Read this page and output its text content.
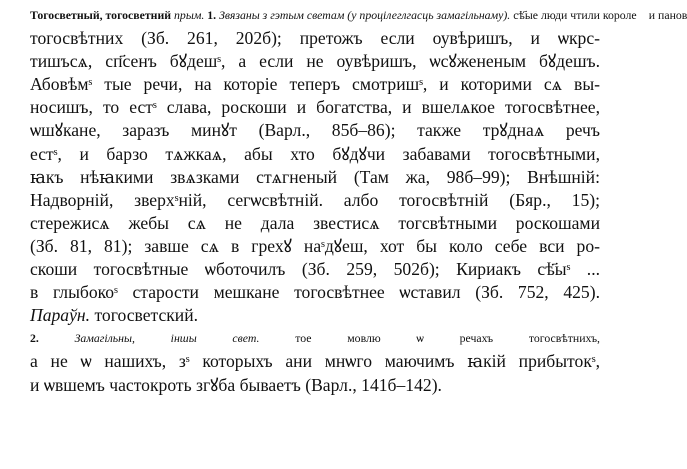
Тогосветный, тогосветний прым. 1. Звязаны з гэтым светам (у процілеглгасць замагільнаму). сѣ҃ые люди чтили королеⷡ и панов
тогосвѣтних (Зб. 261, 202б); претожъ если оувѣришъ, и ѡкрс-
тишъсѧ, сп҃сенъ бꙋдешˢ, а если не оувѣришъ, ѡсꙋжененым бꙋдешъ.
Абовѣмˢ тые речи, на которіе теперъ смотришˢ, и которими сѧ вы-
носишъ, то естˢ слава, роскоши и богатства, и вшелѧкое тогосвѣтнее,
ѡшꙋкане, заразъ минꙋт (Варл., 85б–86); также трꙋднаѧ речъ
естˢ, и барзо тѧжкаѧ, абы хто бꙋдꙋчи забавами тогосвѣтными,
ꙗкъ нѣꙗкими звѧзками стѧгненый (Там жа, 98б–99); Внѣшній:
Надворній, зверхˢній, сегѡсвѣтній. албо тогосвѣтній (Бяр., 15);
стережисѧ жебы сѧ не дала звестисѧ тогсвѣтными роскошами
(Зб. 81, 81); завше сѧ в грехꙋ наˢдꙋеш, хот бы коло себе вси ро-
скоши тогосвѣтные ѡботочилъ (Зб. 259, 502б); Кириакъ сѣ҃ыˢ ...
в глыбокоˢ старости мешкане тогосвѣтнее ѡставил (Зб. 752, 425).
Параўн. тогосветский.

2.	Замагільны, іншы свет.	тое мовлю ѡ речахъ тогосвѣтнихъ,
а не ѡ нашихъ, зˢ которыхъ ани мнѡго маючимъ ꙗкій прибытокˢ,
и ѡвшемъ частокроть згꙋба бываетъ (Варл., 141б–142).
